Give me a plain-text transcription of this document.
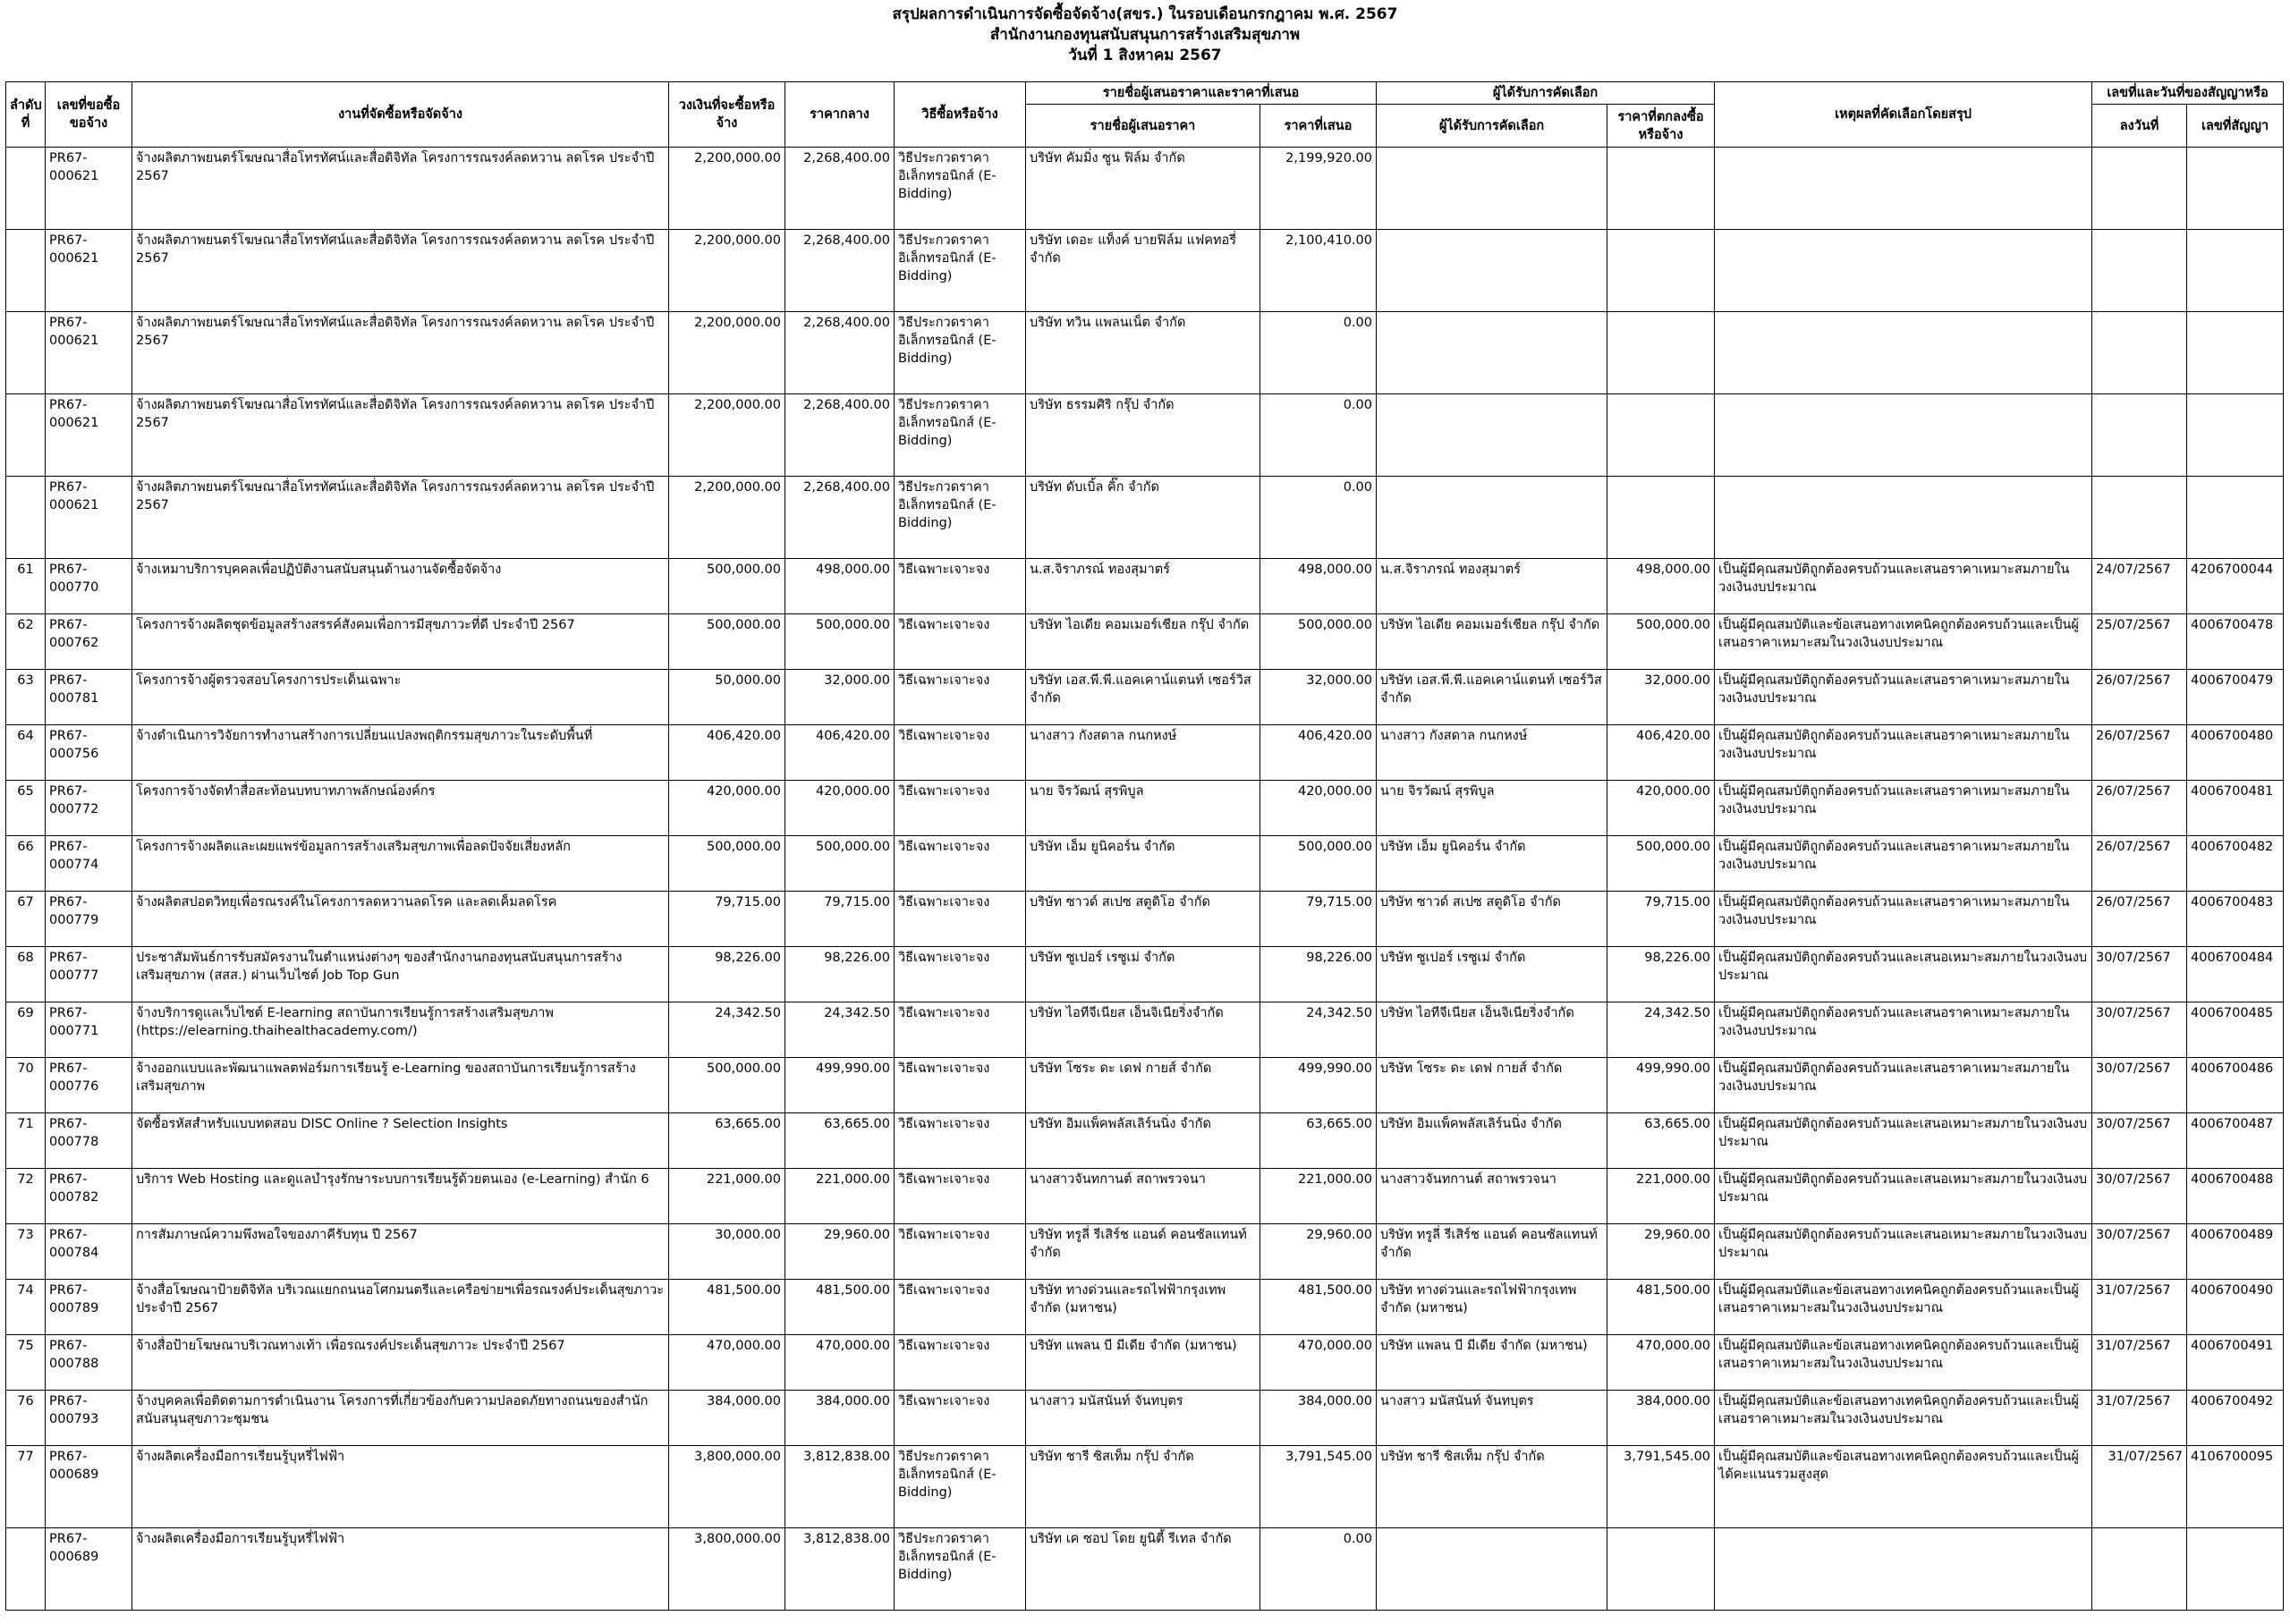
สรุปผลการดำเนินการจัดซื้อจัดจ้าง(สขร.) ในรอบเดือนกรกฎาคม พ.ศ. 2567
สำนักงานกองทุนสนับสนุนการสร้างเสริมสุขภาพ
วันที่ 1 สิงหาคม 2567
ลำดับที่	เลขที่ขอซื้อขอจ้าง	งานที่จัดซื้อหรือจัดจ้าง	วงเงินที่จะซื้อหรือจ้าง	ราคากลาง	วิธีซื้อหรือจ้าง	รายชื่อผู้เสนอราคาและราคาที่เสนอ		ผู้ได้รับการคัดเลือก		เหตุผลที่คัดเลือกโดยสรุป	เลขที่และวันที่ของสัญญาหรือ	
						รายชื่อผู้เสนอราคา	ราคาที่เสนอ	ผู้ได้รับการคัดเลือก	ราคาที่ตกลงซื้อหรือจ้าง		ลงวันที่	เลขที่สัญญา
	PR67-000621	จ้างผลิตภาพยนตร์โฆษณาสื่อโทรทัศน์และสื่อดิจิทัล โครงการรณรงค์ลดหวาน ลดโรค ประจำปี 2567	2,200,000.00	2,268,400.00	วิธีประกวดราคาอิเล็กทรอนิกส์ (E-Bidding)	บริษัท คัมมิ่ง ซูน ฟิล์ม จำกัด	2,199,920.00					
	PR67-000621	จ้างผลิตภาพยนตร์โฆษณาสื่อโทรทัศน์และสื่อดิจิทัล โครงการรณรงค์ลดหวาน ลดโรค ประจำปี 2567	2,200,000.00	2,268,400.00	วิธีประกวดราคาอิเล็กทรอนิกส์ (E-Bidding)	บริษัท เดอะ แท็งค์ บายฟิล์ม แฟคทอรี่ จำกัด	2,100,410.00					
	PR67-000621	จ้างผลิตภาพยนตร์โฆษณาสื่อโทรทัศน์และสื่อดิจิทัล โครงการรณรงค์ลดหวาน ลดโรค ประจำปี 2567	2,200,000.00	2,268,400.00	วิธีประกวดราคาอิเล็กทรอนิกส์ (E-Bidding)	บริษัท ทวิน แพลนเน็ต จำกัด	0.00					
	PR67-000621	จ้างผลิตภาพยนตร์โฆษณาสื่อโทรทัศน์และสื่อดิจิทัล โครงการรณรงค์ลดหวาน ลดโรค ประจำปี 2567	2,200,000.00	2,268,400.00	วิธีประกวดราคาอิเล็กทรอนิกส์ (E-Bidding)	บริษัท ธรรมศิริ กรุ๊ป จำกัด	0.00					
	PR67-000621	จ้างผลิตภาพยนตร์โฆษณาสื่อโทรทัศน์และสื่อดิจิทัล โครงการรณรงค์ลดหวาน ลดโรค ประจำปี 2567	2,200,000.00	2,268,400.00	วิธีประกวดราคาอิเล็กทรอนิกส์ (E-Bidding)	บริษัท ดับเบิ้ล คิ๊ก จำกัด	0.00					
61	PR67-000770	จ้างเหมาบริการบุคคลเพื่อปฏิบัติงานสนับสนุนด้านงานจัดซื้อจัดจ้าง	500,000.00	498,000.00	วิธีเฉพาะเจาะจง	น.ส.จิราภรณ์ ทองสุมาตร์	498,000.00	น.ส.จิราภรณ์ ทองสุมาตร์	498,000.00	เป็นผู้มีคุณสมบัติถูกต้องครบถ้วนและเสนอราคาเหมาะสมภายในวงเงินงบประมาณ	24/07/2567	4206700044
62	PR67-000762	โครงการจ้างผลิตชุดข้อมูลสร้างสรรค์สังคมเพื่อการมีสุขภาวะที่ดี ประจำปี 2567	500,000.00	500,000.00	วิธีเฉพาะเจาะจง	บริษัท ไอเดีย คอมเมอร์เชียล กรุ๊ป จำกัด	500,000.00	บริษัท ไอเดีย คอมเมอร์เชียล กรุ๊ป จำกัด	500,000.00	เป็นผู้มีคุณสมบัติและข้อเสนอทางเทคนิคถูกต้องครบถ้วนและเป็นผู้เสนอราคาเหมาะสมในวงเงินงบประมาณ	25/07/2567	4006700478
63	PR67-000781	โครงการจ้างผู้ตรวจสอบโครงการประเด็นเฉพาะ	50,000.00	32,000.00	วิธีเฉพาะเจาะจง	บริษัท เอส.พี.พี.แอคเคาน์แตนท์ เซอร์วิส จำกัด	32,000.00	บริษัท เอส.พี.พี.แอคเคาน์แตนท์ เซอร์วิส จำกัด	32,000.00	เป็นผู้มีคุณสมบัติถูกต้องครบถ้วนและเสนอราคาเหมาะสมภายในวงเงินงบประมาณ	26/07/2567	4006700479
64	PR67-000756	จ้างดำเนินการวิจัยการทำงานสร้างการเปลี่ยนแปลงพฤติกรรมสุขภาวะในระดับพื้นที่	406,420.00	406,420.00	วิธีเฉพาะเจาะจง	นางสาว กังสดาล กนกหงษ์	406,420.00	นางสาว กังสดาล กนกหงษ์	406,420.00	เป็นผู้มีคุณสมบัติถูกต้องครบถ้วนและเสนอราคาเหมาะสมภายในวงเงินงบประมาณ	26/07/2567	4006700480
65	PR67-000772	โครงการจ้างจัดทำสื่อสะท้อนบทบาทภาพลักษณ์องค์กร	420,000.00	420,000.00	วิธีเฉพาะเจาะจง	นาย จิรวัฒน์ สุรพิบูล	420,000.00	นาย จิรวัฒน์ สุรพิบูล	420,000.00	เป็นผู้มีคุณสมบัติถูกต้องครบถ้วนและเสนอราคาเหมาะสมภายในวงเงินงบประมาณ	26/07/2567	4006700481
66	PR67-000774	โครงการจ้างผลิตและเผยแพร่ข้อมูลการสร้างเสริมสุขภาพเพื่อลดปัจจัยเสี่ยงหลัก	500,000.00	500,000.00	วิธีเฉพาะเจาะจง	บริษัท เอ็ม ยูนิคอร์น จำกัด	500,000.00	บริษัท เอ็ม ยูนิคอร์น จำกัด	500,000.00	เป็นผู้มีคุณสมบัติถูกต้องครบถ้วนและเสนอราคาเหมาะสมภายในวงเงินงบประมาณ	26/07/2567	4006700482
67	PR67-000779	จ้างผลิตสปอตวิทยุเพื่อรณรงค์ในโครงการลดหวานลดโรค และลดเค็มลดโรค	79,715.00	79,715.00	วิธีเฉพาะเจาะจง	บริษัท ซาวด์ สเปซ สตูดิโอ จำกัด	79,715.00	บริษัท ซาวด์ สเปซ สตูดิโอ จำกัด	79,715.00	เป็นผู้มีคุณสมบัติถูกต้องครบถ้วนและเสนอราคาเหมาะสมภายในวงเงินงบประมาณ	26/07/2567	4006700483
68	PR67-000777	ประชาสัมพันธ์การรับสมัครงานในตำแหน่งต่างๆ ของสำนักงานกองทุนสนับสนุนการสร้างเสริมสุขภาพ (สสส.) ผ่านเว็บไซต์ Job Top Gun	98,226.00	98,226.00	วิธีเฉพาะเจาะจง	บริษัท ซูเปอร์ เรซูเม่ จำกัด	98,226.00	บริษัท ซูเปอร์ เรซูเม่ จำกัด	98,226.00	เป็นผู้มีคุณสมบัติถูกต้องครบถ้วนและเสนอเหมาะสมภายในวงเงินงบประมาณ	30/07/2567	4006700484
69	PR67-000771	จ้างบริการดูแลเว็บไซต์ E-learning สถาบันการเรียนรู้การสร้างเสริมสุขภาพ (https://elearning.thaihealthacademy.com/)	24,342.50	24,342.50	วิธีเฉพาะเจาะจง	บริษัท ไอทีจีเนียส เอ็นจิเนียริ่งจำกัด	24,342.50	บริษัท ไอทีจีเนียส เอ็นจิเนียริ่งจำกัด	24,342.50	เป็นผู้มีคุณสมบัติถูกต้องครบถ้วนและเสนอราคาเหมาะสมภายในวงเงินงบประมาณ	30/07/2567	4006700485
70	PR67-000776	จ้างออกแบบและพัฒนาแพลตฟอร์มการเรียนรู้ e-Learning ของสถาบันการเรียนรู้การสร้างเสริมสุขภาพ	500,000.00	499,990.00	วิธีเฉพาะเจาะจง	บริษัท โซระ ดะ เดฟ กายส์ จำกัด	499,990.00	บริษัท โซระ ดะ เดฟ กายส์ จำกัด	499,990.00	เป็นผู้มีคุณสมบัติถูกต้องครบถ้วนและเสนอราคาเหมาะสมภายในวงเงินงบประมาณ	30/07/2567	4006700486
71	PR67-000778	จัดซื้อรหัสสำหรับแบบทดสอบ DISC Online ? Selection Insights	63,665.00	63,665.00	วิธีเฉพาะเจาะจง	บริษัท อิมแพ็คพลัสเลิร์นนิ่ง จำกัด	63,665.00	บริษัท อิมแพ็คพลัสเลิร์นนิ่ง จำกัด	63,665.00	เป็นผู้มีคุณสมบัติถูกต้องครบถ้วนและเสนอเหมาะสมภายในวงเงินงบประมาณ	30/07/2567	4006700487
72	PR67-000782	บริการ Web Hosting และดูแลบำรุงรักษาระบบการเรียนรู้ด้วยตนเอง (e-Learning) สำนัก 6	221,000.00	221,000.00	วิธีเฉพาะเจาะจง	นางสาวจันทกานต์ สถาพรวจนา	221,000.00	นางสาวจันทกานต์ สถาพรวจนา	221,000.00	เป็นผู้มีคุณสมบัติถูกต้องครบถ้วนและเสนอเหมาะสมภายในวงเงินงบประมาณ	30/07/2567	4006700488
73	PR67-000784	การสัมภาษณ์ความพึงพอใจของภาคีรับทุน ปี 2567	30,000.00	29,960.00	วิธีเฉพาะเจาะจง	บริษัท ทรูลี่ รีเสิร์ช แอนด์ คอนซัลแทนท์ จำกัด	29,960.00	บริษัท ทรูลี่ รีเสิร์ช แอนด์ คอนซัลแทนท์ จำกัด	29,960.00	เป็นผู้มีคุณสมบัติถูกต้องครบถ้วนและเสนอเหมาะสมภายในวงเงินงบประมาณ	30/07/2567	4006700489
74	PR67-000789	จ้างสื่อโฆษณาป้ายดิจิทัล บริเวณแยกถนนอโศกมนตรีและเครือข่ายฯเพื่อรณรงค์ประเด็นสุขภาวะ ประจำปี 2567	481,500.00	481,500.00	วิธีเฉพาะเจาะจง	บริษัท ทางด่วนและรถไฟฟ้ากรุงเทพ จำกัด (มหาชน)	481,500.00	บริษัท ทางด่วนและรถไฟฟ้ากรุงเทพ จำกัด (มหาชน)	481,500.00	เป็นผู้มีคุณสมบัติและข้อเสนอทางเทคนิคถูกต้องครบถ้วนและเป็นผู้เสนอราคาเหมาะสมในวงเงินงบประมาณ	31/07/2567	4006700490
75	PR67-000788	จ้างสื่อป้ายโฆษณาบริเวณทางเท้า เพื่อรณรงค์ประเด็นสุขภาวะ ประจำปี 2567	470,000.00	470,000.00	วิธีเฉพาะเจาะจง	บริษัท แพลน บี มีเดีย จำกัด (มหาชน)	470,000.00	บริษัท แพลน บี มีเดีย จำกัด (มหาชน)	470,000.00	เป็นผู้มีคุณสมบัติและข้อเสนอทางเทคนิคถูกต้องครบถ้วนและเป็นผู้เสนอราคาเหมาะสมในวงเงินงบประมาณ	31/07/2567	4006700491
76	PR67-000793	จ้างบุคคลเพื่อติดตามการดำเนินงาน โครงการที่เกี่ยวข้องกับความปลอดภัยทางถนนของสำนักสนับสนุนสุขภาวะชุมชน	384,000.00	384,000.00	วิธีเฉพาะเจาะจง	นางสาว มนัสนันท์ จันทบุตร	384,000.00	นางสาว มนัสนันท์ จันทบุตร	384,000.00	เป็นผู้มีคุณสมบัติและข้อเสนอทางเทคนิคถูกต้องครบถ้วนและเป็นผู้เสนอราคาเหมาะสมในวงเงินงบประมาณ	31/07/2567	4006700492
77	PR67-000689	จ้างผลิตเครื่องมือการเรียนรู้บุหรี่ไฟฟ้า	3,800,000.00	3,812,838.00	วิธีประกวดราคาอิเล็กทรอนิกส์ (E-Bidding)	บริษัท ชารี ซิสเท็ม กรุ๊ป จำกัด	3,791,545.00	บริษัท ชารี ซิสเท็ม กรุ๊ป จำกัด	3,791,545.00	เป็นผู้มีคุณสมบัติและข้อเสนอทางเทคนิคถูกต้องครบถ้วนและเป็นผู้ได้คะแนนรวมสูงสุด	31/07/2567	4106700095
	PR67-000689	จ้างผลิตเครื่องมือการเรียนรู้บุหรี่ไฟฟ้า	3,800,000.00	3,812,838.00	วิธีประกวดราคาอิเล็กทรอนิกส์ (E-Bidding)	บริษัท เค ซอป โดย ยูนิตี้ รีเทล จำกัด	0.00					
